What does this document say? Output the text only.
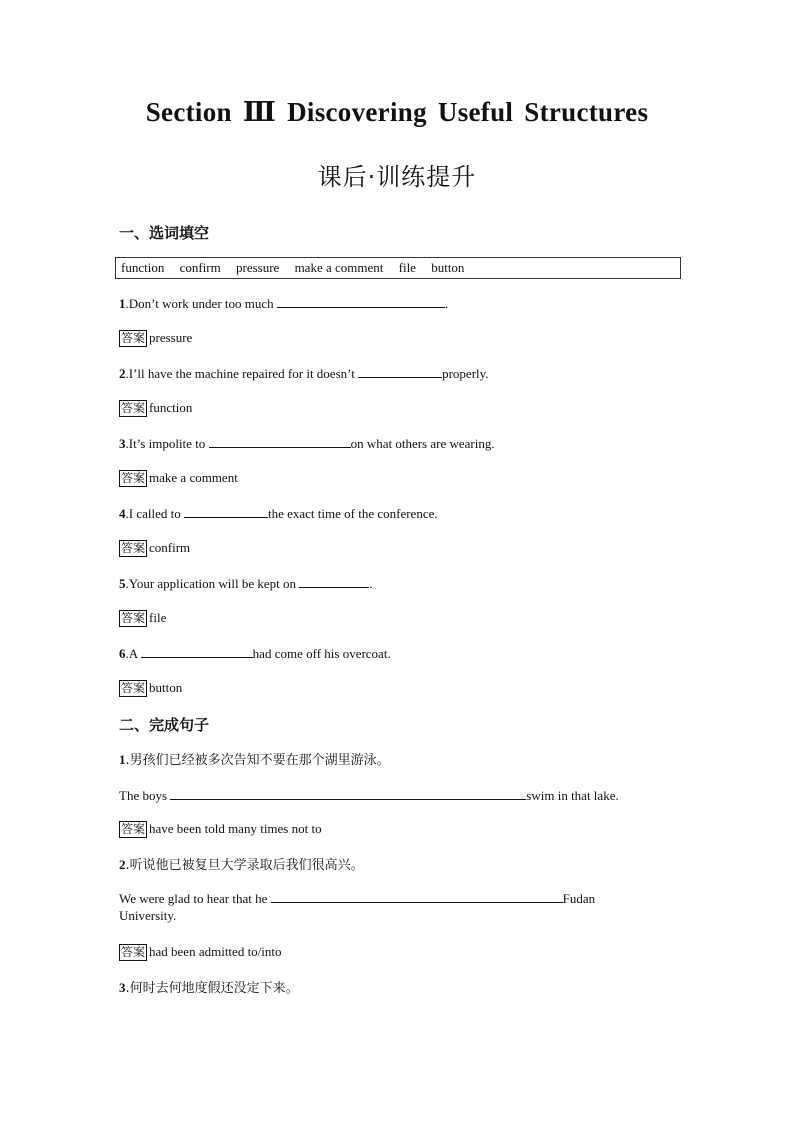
Section Ⅲ Discovering Useful Structures
课后·训练提升
一、选词填空
function confirm pressure make a comment file button
1.Don’t work under too much	.
答案 pressure
2.I’ll have the machine repaired for it doesn’t	properly.
答案 function
3.It’s impolite to	on what others are wearing.
答案 make a comment
4.I called to	the exact time of the conference.
答案 confirm
5.Your application will be kept on	.
答案 file
6.A	had come off his overcoat.
答案 button
二、完成句子
1.男孩们已经被多次告知不要在那个湖里游泳。
The boys	swim in that lake.
答案 have been told many times not to
2.听说他已被复旦大学录取后我们很高兴。
We were glad to hear that he	Fudan University.
答案 had been admitted to/into
3.何时去何地度假还没定下来。
